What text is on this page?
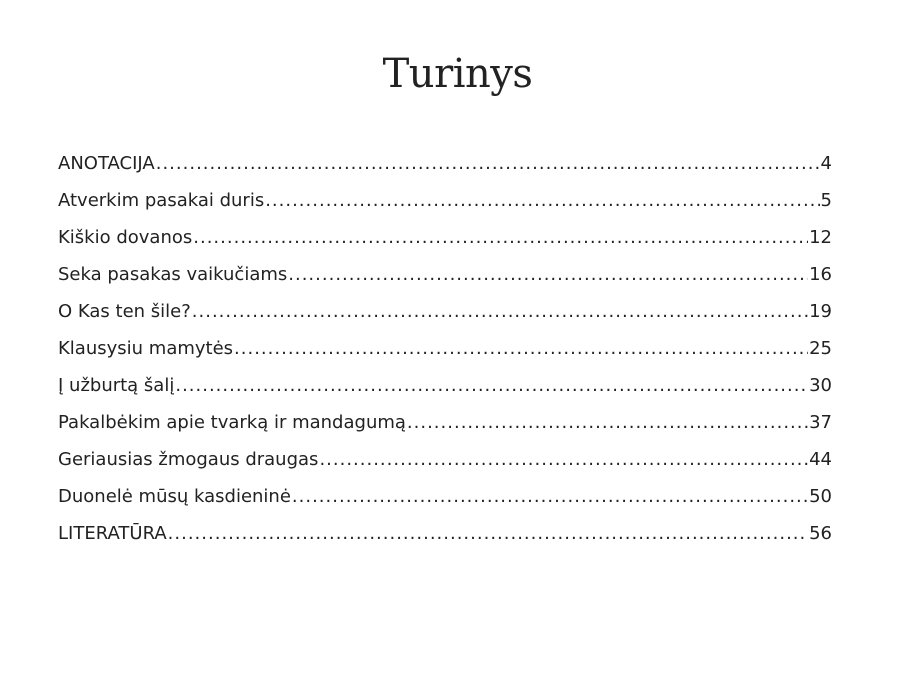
Turinys
ANOTACIJA .....	4
Atverkim pasakai duris .....	5
Kiškio dovanos .....	12
Seka pasakas vaikučiams .....	16
O Kas ten šile? .....	19
Klausysiu mamytės .....	25
Į užburtą šalį .....	30
Pakalbėkim apie tvarką ir mandagumą .....	37
Geriausias žmogaus draugas .....	44
Duonelė mūsų kasdieninė .....	50
LITERATŪRA .....	56
